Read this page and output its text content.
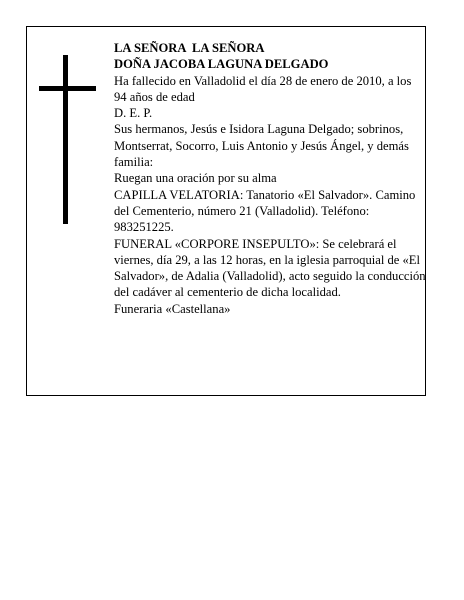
LA SEÑORA  LA SEÑORA

DOÑA JACOBA LAGUNA DELGADO

Ha fallecido en Valladolid el día 28 de enero de 2010, a los 94 años de edad

D. E. P.

Sus hermanos, Jesús e Isidora Laguna Delgado; sobrinos, Montserrat, Socorro, Luis Antonio y Jesús Ángel, y demás familia:

Ruegan una oración por su alma

CAPILLA VELATORIA: Tanatorio «El Salvador». Camino del Cementerio, número 21 (Valladolid). Teléfono: 983251225.

FUNERAL «CORPORE INSEPULTO»: Se celebrará el viernes, día 29, a las 12 horas, en la iglesia parroquial de «El Salvador», de Adalia (Valladolid), acto seguido la conducción del cadáver al cementerio de dicha localidad.

Funeraria «Castellana»
